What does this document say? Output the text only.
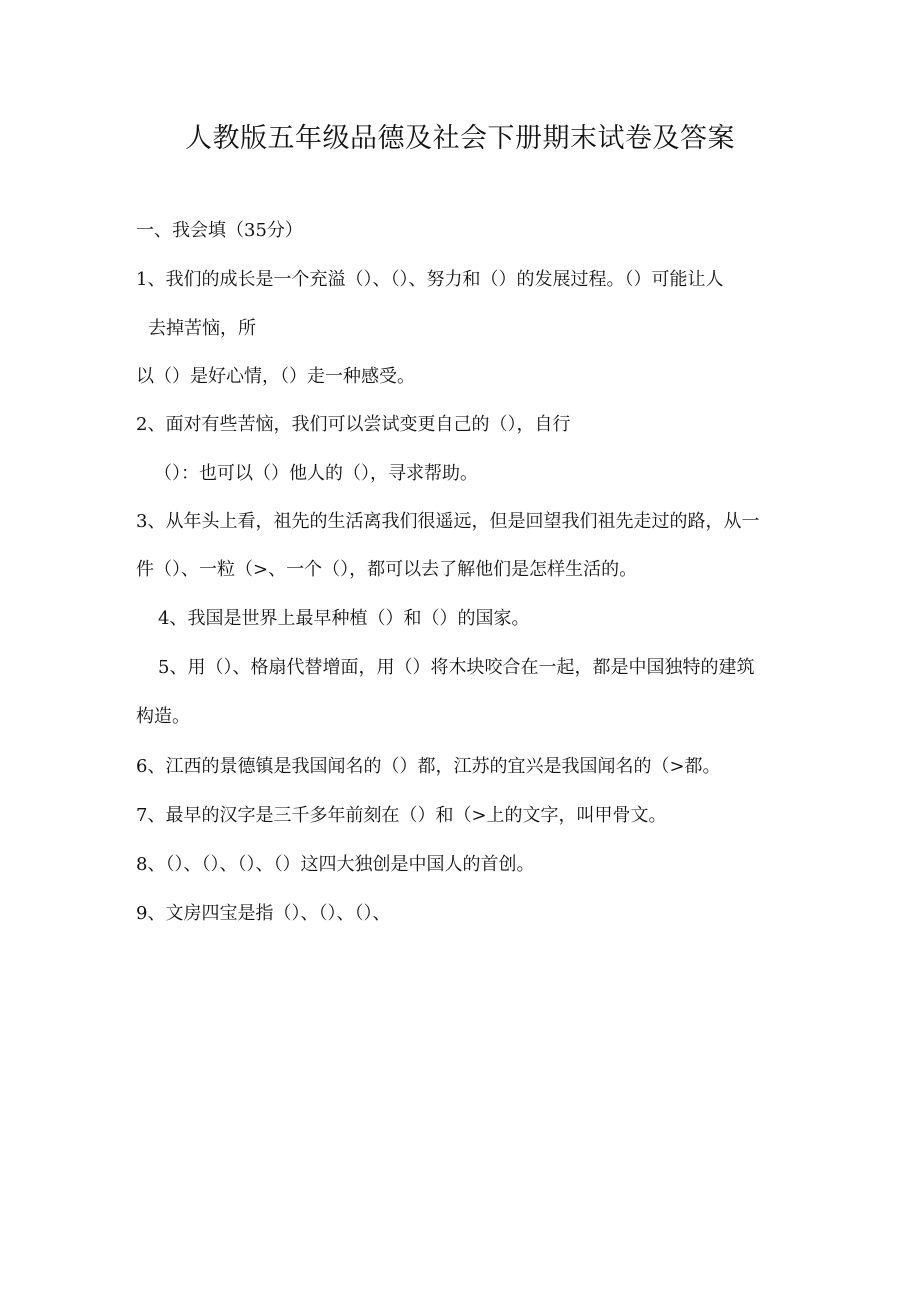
人教版五年级品德及社会下册期末试卷及答案
一、我会填（35分）
1、我们的成长是一个充溢（）、（）、努力和（）的发展过程。（）可能让人
去掉苦恼，所
以（）是好心情，（）走一种感受。
2、面对有些苦恼，我们可以尝试变更自己的（），自行
（）：也可以（）他人的（），寻求帮助。
3、从年头上看，祖先的生活离我们很遥远，但是回望我们祖先走过的路，从一
件（）、一粒（>、一个（），都可以去了解他们是怎样生活的。
4、我国是世界上最早种植（）和（）的国家。
5、用（）、格扇代替增面，用（）将木块咬合在一起，都是中国独特的建筑
构造。
6、江西的景德镇是我国闻名的（）都，江苏的宜兴是我国闻名的（>都。
7、最早的汉字是三千多年前刻在（）和（>上的文字，叫甲骨文。
8、（）、（）、（）、（）这四大独创是中国人的首创。
9、文房四宝是指（）、（）、（）、
